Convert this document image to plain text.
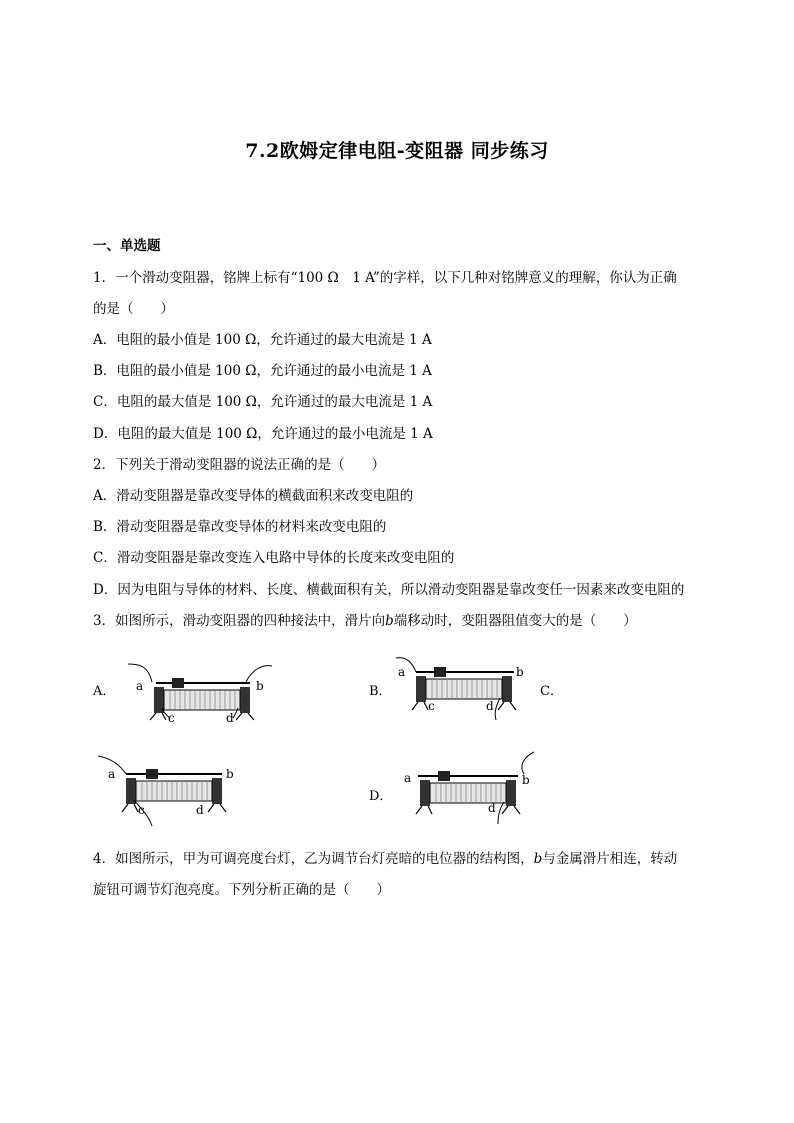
7.2欧姆定律电阻-变阻器 同步练习
一、单选题
1．一个滑动变阻器，铭牌上标有“100 Ω　1 A”的字样，以下几种对铭牌意义的理解，你认为正确
的是（　　）
A．电阻的最小值是 100 Ω，允许通过的最大电流是 1 A
B．电阻的最小值是 100 Ω，允许通过的最小电流是 1 A
C．电阻的最大值是 100 Ω，允许通过的最大电流是 1 A
D．电阻的最大值是 100 Ω，允许通过的最小电流是 1 A
2．下列关于滑动变阻器的说法正确的是（　　）
A．滑动变阻器是靠改变导体的横截面积来改变电阻的
B．滑动变阻器是靠改变导体的材料来改变电阻的
C．滑动变阻器是靠改变连入电路中导体的长度来改变电阻的
D．因为电阻与导体的材料、长度、横截面积有关，所以滑动变阻器是靠改变任一因素来改变电阻的
3．如图所示，滑动变阻器的四种接法中，滑片向b端移动时，变阻器阻值变大的是（　　）
A．	B．	C．
D．
a	b
c	d
a	b
c	d
a	b
c	d
a	b
d
4．如图所示，甲为可调亮度台灯，乙为调节台灯亮暗的电位器的结构图，b与金属滑片相连，转动
旋钮可调节灯泡亮度。下列分析正确的是（　　）
